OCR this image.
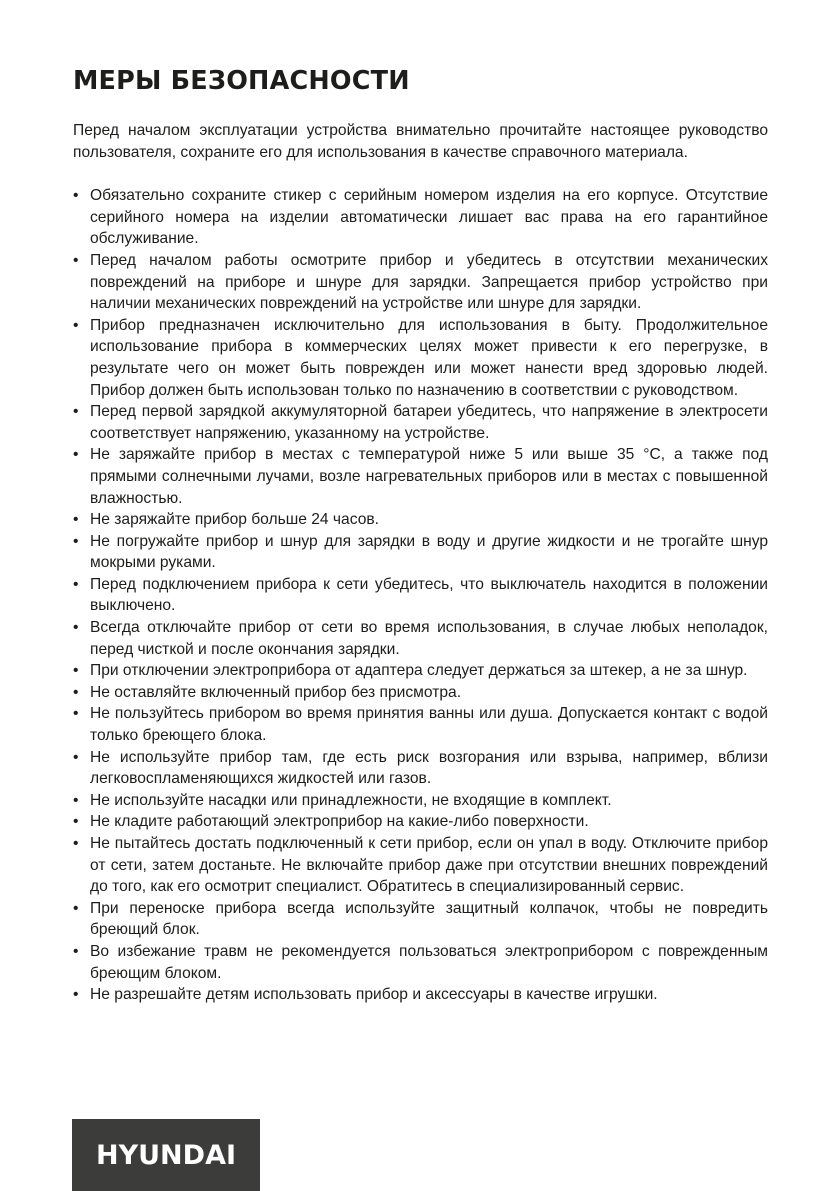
МЕРЫ БЕЗОПАСНОСТИ

Перед началом эксплуатации устройства внимательно прочитайте настоящее руководство пользователя, сохраните его для использования в качестве справочного материала.

• Обязательно сохраните стикер с серийным номером изделия на его корпусе. Отсутствие серийного номера на изделии автоматически лишает вас права на его гарантийное обслуживание.
• Перед началом работы осмотрите прибор и убедитесь в отсутствии механических повреждений на приборе и шнуре для зарядки. Запрещается прибор устройство при наличии механических повреждений на устройстве или шнуре для зарядки.
• Прибор предназначен исключительно для использования в быту. Продолжительное использование прибора в коммерческих целях может привести к его перегрузке, в результате чего он может быть поврежден или может нанести вред здоровью людей. Прибор должен быть использован только по назначению в соответствии с руководством.
• Перед первой зарядкой аккумуляторной батареи убедитесь, что напряжение в электросети соответствует напряжению, указанному на устройстве.
• Не заряжайте прибор в местах с температурой ниже 5 или выше 35 °С, а также под прямыми солнечными лучами, возле нагревательных приборов или в местах с повышенной влажностью.
• Не заряжайте прибор больше 24 часов.
• Не погружайте прибор и шнур для зарядки в воду и другие жидкости и не трогайте шнур мокрыми руками.
• Перед подключением прибора к сети убедитесь, что выключатель находится в положении выключено.
• Всегда отключайте прибор от сети во время использования, в случае любых неполадок, перед чисткой и после окончания зарядки.
• При отключении электроприбора от адаптера следует держаться за штекер, а не за шнур.
• Не оставляйте включенный прибор без присмотра.
• Не пользуйтесь прибором во время принятия ванны или душа. Допускается контакт с водой только бреющего блока.
• Не используйте прибор там, где есть риск возгорания или взрыва, например, вблизи легковоспламеняющихся жидкостей или газов.
• Не используйте насадки или принадлежности, не входящие в комплект.
• Не кладите работающий электроприбор на какие-либо поверхности.
• Не пытайтесь достать подключенный к сети прибор, если он упал в воду. Отключите прибор от сети, затем достаньте. Не включайте прибор даже при отсутствии внешних повреждений до того, как его осмотрит специалист. Обратитесь в специализированный сервис.
• При переноске прибора всегда используйте защитный колпачок, чтобы не повредить бреющий блок.
• Во избежание травм не рекомендуется пользоваться электроприбором с поврежденным бреющим блоком.
• Не разрешайте детям использовать прибор и аксессуары в качестве игрушки.
HYUNDAI
